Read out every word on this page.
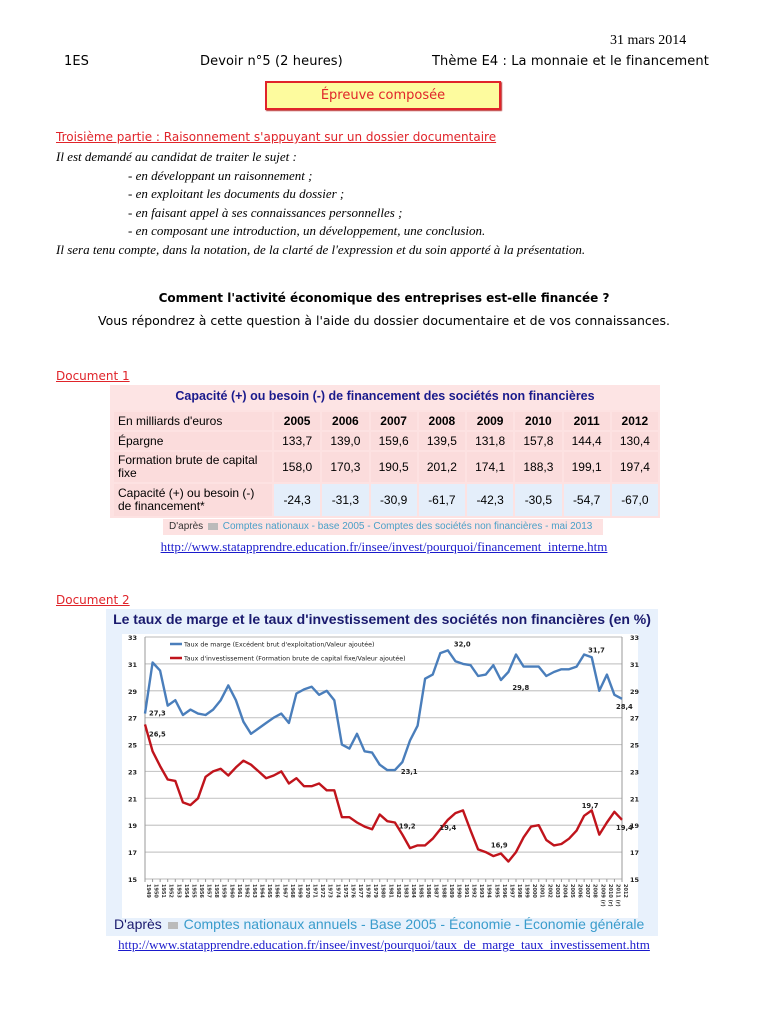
31 mars 2014
1ES	Devoir n°5 (2 heures)	Thème E4 : La monnaie et le financement
Épreuve composée
Troisième partie : Raisonnement s'appuyant sur un dossier documentaire
Il est demandé au candidat de traiter le sujet :
- en développant un raisonnement ;
- en exploitant les documents du dossier ;
- en faisant appel à ses connaissances personnelles ;
- en composant une introduction, un développement, une conclusion.
Il sera tenu compte, dans la notation, de la clarté de l'expression et du soin apporté à la présentation.
Comment l'activité économique des entreprises est-elle financée ?
Vous répondrez à cette question à l'aide du dossier documentaire et de vos connaissances.
Document 1
Capacité (+) ou besoin (-) de financement des sociétés non financières
En milliards d'euros	2005	2006	2007	2008	2009	2010	2011	2012
Épargne	133,7	139,0	159,6	139,5	131,8	157,8	144,4	130,4
Formation brute de capital fixe	158,0	170,3	190,5	201,2	174,1	188,3	199,1	197,4
Capacité (+) ou besoin (-) de financement*	-24,3	-31,3	-30,9	-61,7	-42,3	-30,5	-54,7	-67,0
D'après Comptes nationaux - base 2005 - Comptes des sociétés non financières - mai 2013
http://www.statapprendre.education.fr/insee/invest/pourquoi/financement_interne.htm
Document 2
Le taux de marge et le taux d'investissement des sociétés non financières (en %)
15	15
17	17
19	19
21	21
23	23
25	25
27	27
29	29
31	31
33	33
1949 1950 1951 1952 1953 1954 1955 1956 1957 1958 1959 1960 1961 1962 1963 1964 1965 1966 1967 1968 1969 1970 1971 1972 1973 1974 1975 1976 1977 1978 1979 1980 1981 1982 1983 1984 1985 1986 1987 1988 1989 1990 1991 1992 1993 1994 1995 1996 1997 1998 1999 2000 2001 2002 2003 2004 2005 2006 2007 2008 2009 (r) 2010 (r) 2011 (r) 2012
Taux de marge (Excédent brut d'exploitation/Valeur ajoutée)
Taux d'investissement (Formation brute de capital fixe/Valeur ajoutée)
27,3
26,5
23,1
32,0
29,8
31,7
28,4
19,2	19,4
16,9
19,7
19,4
D'après Comptes nationaux annuels - Base 2005 - Économie - Économie générale
http://www.statapprendre.education.fr/insee/invest/pourquoi/taux_de_marge_taux_investissement.htm
